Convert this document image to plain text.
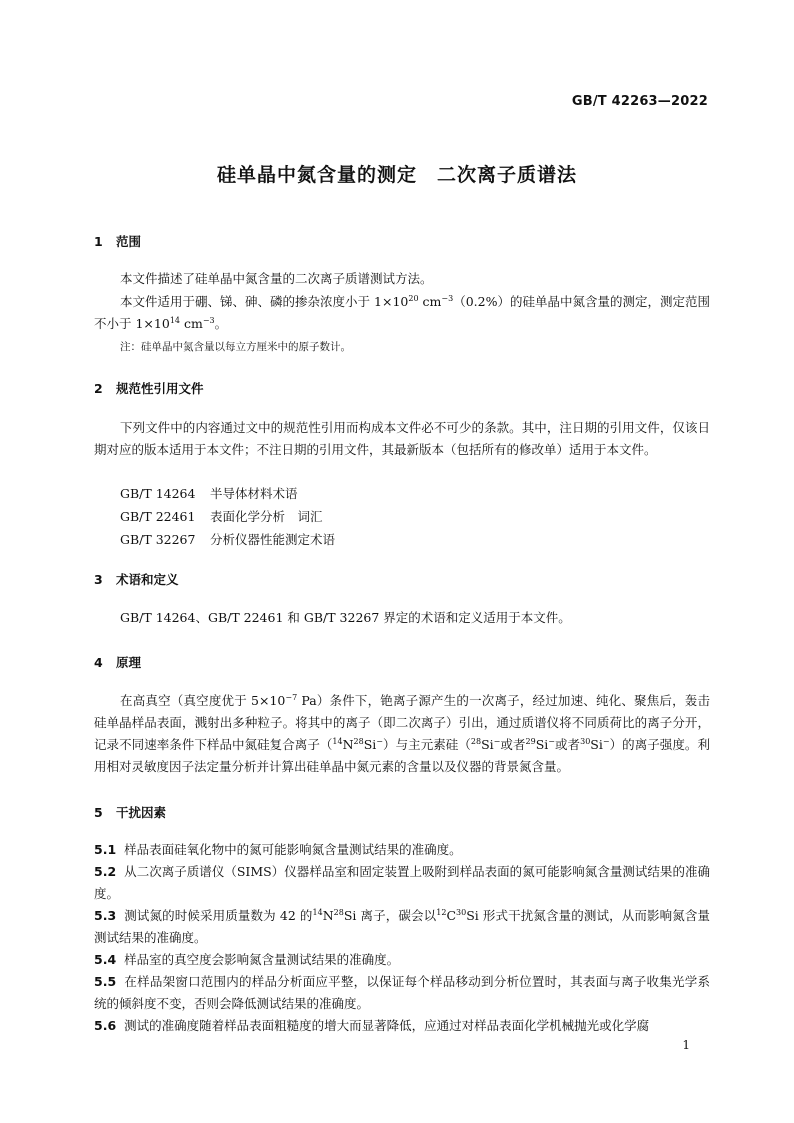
GB/T 42263—2022
硅单晶中氮含量的测定　二次离子质谱法
1 范围
本文件描述了硅单晶中氮含量的二次离子质谱测试方法。
本文件适用于硼、锑、砷、磷的掺杂浓度小于 $1\times 10^{20}$ $cm^{-3}(0.2\%)$的硅单晶中氮含量的测定，测定范围不小于 $1\times 10^{14}$ $cm^{-3}$。
注：硅单晶中氮含量以每立方厘米中的原子数计。
2 规范性引用文件
下列文件中的内容通过文中的规范性引用而构成本文件必不可少的条款。其中，注日期的引用文件，仅该日期对应的版本适用于本文件；不注日期的引用文件，其最新版本（包括所有的修改单）适用于本文件。
GB/T 14264 半导体材料术语
GB/T 22461 表面化学分析　词汇
GB/T 32267 分析仪器性能测定术语
3 术语和定义
GB/T 14264、GB/T 22461 和 GB/T 32267 界定的术语和定义适用于本文件。
4 原理
在高真空（真空度优于 $5\times 10^{-7}$ Pa）条件下，铯离子源产生的一次离子，经过加速、纯化、聚焦后，轰击硅单晶样品表面，溅射出多种粒子。将其中的离子（即二次离子）引出，通过质谱仪将不同质荷比的离子分开，记录不同速率条件下样品中氮硅复合离子$(^{14}N^{28}Si^-)$与主元素硅（$^{28}$Si−或者$^{29}$Si−或者$^{30}$Si−）的离子强度。利用相对灵敏度因子法定量分析并计算出硅单晶中氮元素的含量以及仪器的背景氮含量。
5 干扰因素
5.1 样品表面硅氧化物中的氮可能影响氮含量测试结果的准确度。
5.2 从二次离子质谱仪（SIMS）仪器样品室和固定装置上吸附到样品表面的氮可能影响氮含量测试结果的准确度。
5.3 测试氮的时候采用质量数为 42 的$^{14}N^{28}Si$ 离子，碳会以$^{12}C^{30}Si$ 形式干扰氮含量的测试，从而影响氮含量测试结果的准确度。
5.4 样品室的真空度会影响氮含量测试结果的准确度。
5.5 在样品架窗口范围内的样品分析面应平整，以保证每个样品移动到分析位置时，其表面与离子收集光学系统的倾斜度不变，否则会降低测试结果的准确度。
5.6 测试的准确度随着样品表面粗糙度的增大而显著降低，应通过对样品表面化学机械抛光或化学腐
1
